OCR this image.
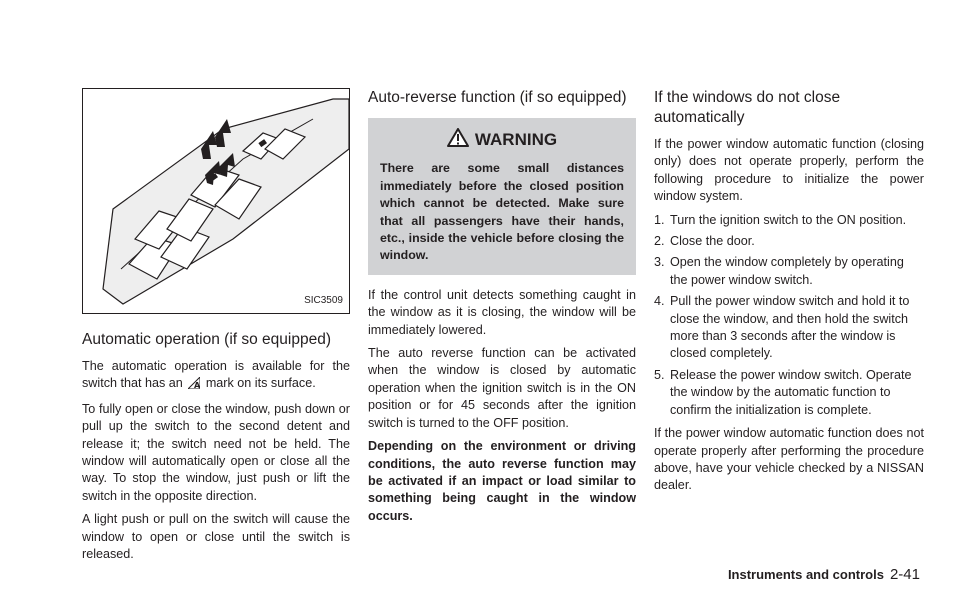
SIC3509
Automatic operation (if so equipped)

The automatic operation is available for the switch that has an A mark on its surface.

To fully open or close the window, push down or pull up the switch to the second detent and release it; the switch need not be held. The window will automatically open or close all the way. To stop the window, just push or lift the switch in the opposite direction.

A light push or pull on the switch will cause the window to open or close until the switch is released.

Auto-reverse function (if so equipped)
WARNING
There are some small distances immediately before the closed position which cannot be detected. Make sure that all passengers have their hands, etc., inside the vehicle before closing the window.

If the control unit detects something caught in the window as it is closing, the window will be immediately lowered.

The auto reverse function can be activated when the window is closed by automatic operation when the ignition switch is in the ON position or for 45 seconds after the ignition switch is turned to the OFF position.

Depending on the environment or driving conditions, the auto reverse function may be activated if an impact or load similar to something being caught in the window occurs.

If the windows do not close automatically

If the power window automatic function (closing only) does not operate properly, perform the following procedure to initialize the power window system.

1. Turn the ignition switch to the ON position.
2. Close the door.
3. Open the window completely by operating the power window switch.
4. Pull the power window switch and hold it to close the window, and then hold the switch more than 3 seconds after the window is closed completely.
5. Release the power window switch. Operate the window by the automatic function to confirm the initialization is complete.

If the power window automatic function does not operate properly after performing the procedure above, have your vehicle checked by a NISSAN dealer.

Instruments and controls 2-41
